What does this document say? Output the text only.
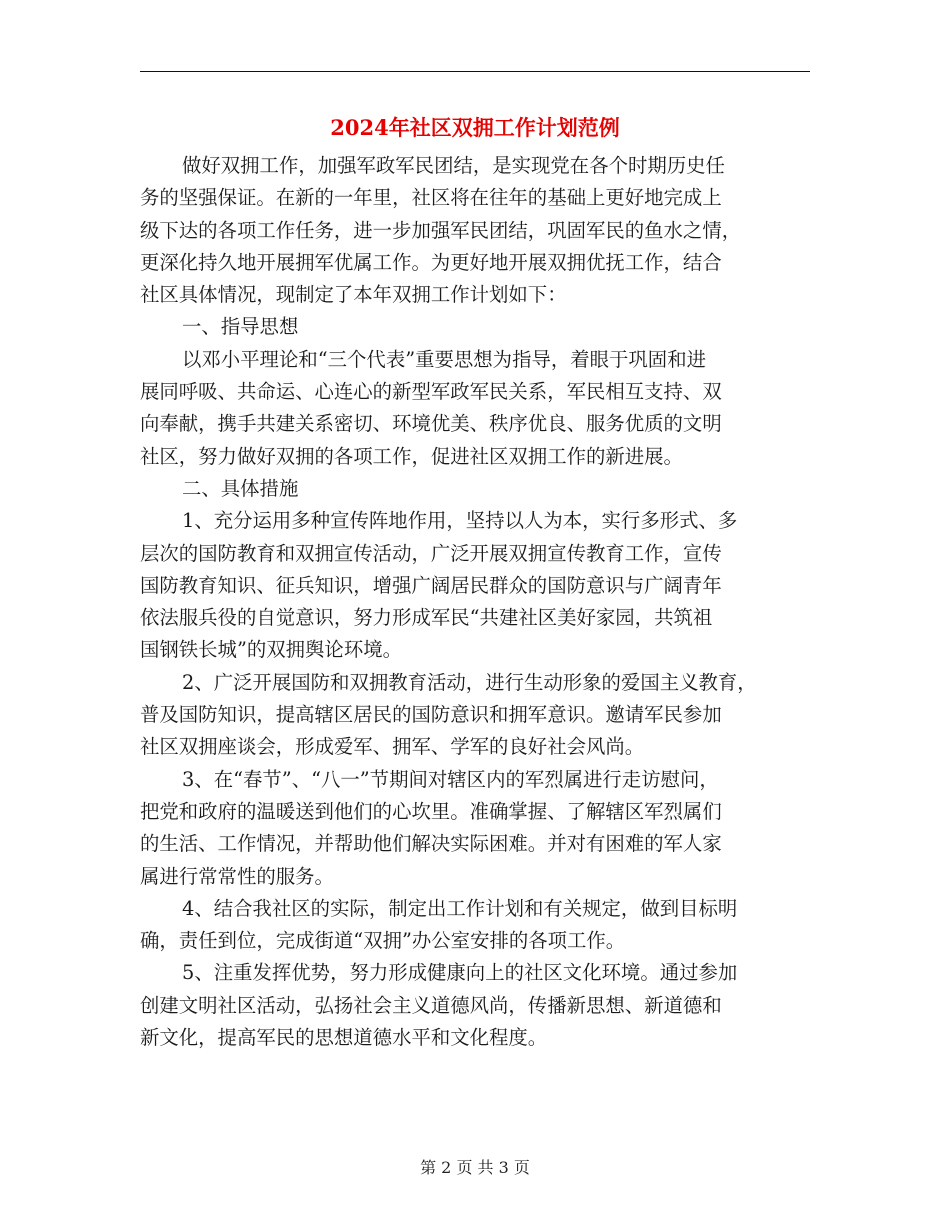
2024年社区双拥工作计划范例
做好双拥工作，加强军政军民团结，是实现党在各个时期历史任
务的坚强保证。在新的一年里，社区将在往年的基础上更好地完成上
级下达的各项工作任务，进一步加强军民团结，巩固军民的鱼水之情，
更深化持久地开展拥军优属工作。为更好地开展双拥优抚工作，结合
社区具体情况，现制定了本年双拥工作计划如下：
一、指导思想
以邓小平理论和“三个代表”重要思想为指导，着眼于巩固和进
展同呼吸、共命运、心连心的新型军政军民关系，军民相互支持、双
向奉献，携手共建关系密切、环境优美、秩序优良、服务优质的文明
社区，努力做好双拥的各项工作，促进社区双拥工作的新进展。
二、具体措施
1、充分运用多种宣传阵地作用，坚持以人为本，实行多形式、多
层次的国防教育和双拥宣传活动，广泛开展双拥宣传教育工作，宣传
国防教育知识、征兵知识，增强广阔居民群众的国防意识与广阔青年
依法服兵役的自觉意识，努力形成军民“共建社区美好家园，共筑祖
国钢铁长城”的双拥舆论环境。
2、广泛开展国防和双拥教育活动，进行生动形象的爱国主义教育，
普及国防知识，提高辖区居民的国防意识和拥军意识。邀请军民参加
社区双拥座谈会，形成爱军、拥军、学军的良好社会风尚。
3、在“春节”、“八一”节期间对辖区内的军烈属进行走访慰问，
把党和政府的温暖送到他们的心坎里。准确掌握、了解辖区军烈属们
的生活、工作情况，并帮助他们解决实际困难。并对有困难的军人家
属进行常常性的服务。
4、结合我社区的实际，制定出工作计划和有关规定，做到目标明
确，责任到位，完成街道“双拥”办公室安排的各项工作。
5、注重发挥优势，努力形成健康向上的社区文化环境。通过参加
创建文明社区活动，弘扬社会主义道德风尚，传播新思想、新道德和
新文化，提高军民的思想道德水平和文化程度。
第 2 页 共 3 页
